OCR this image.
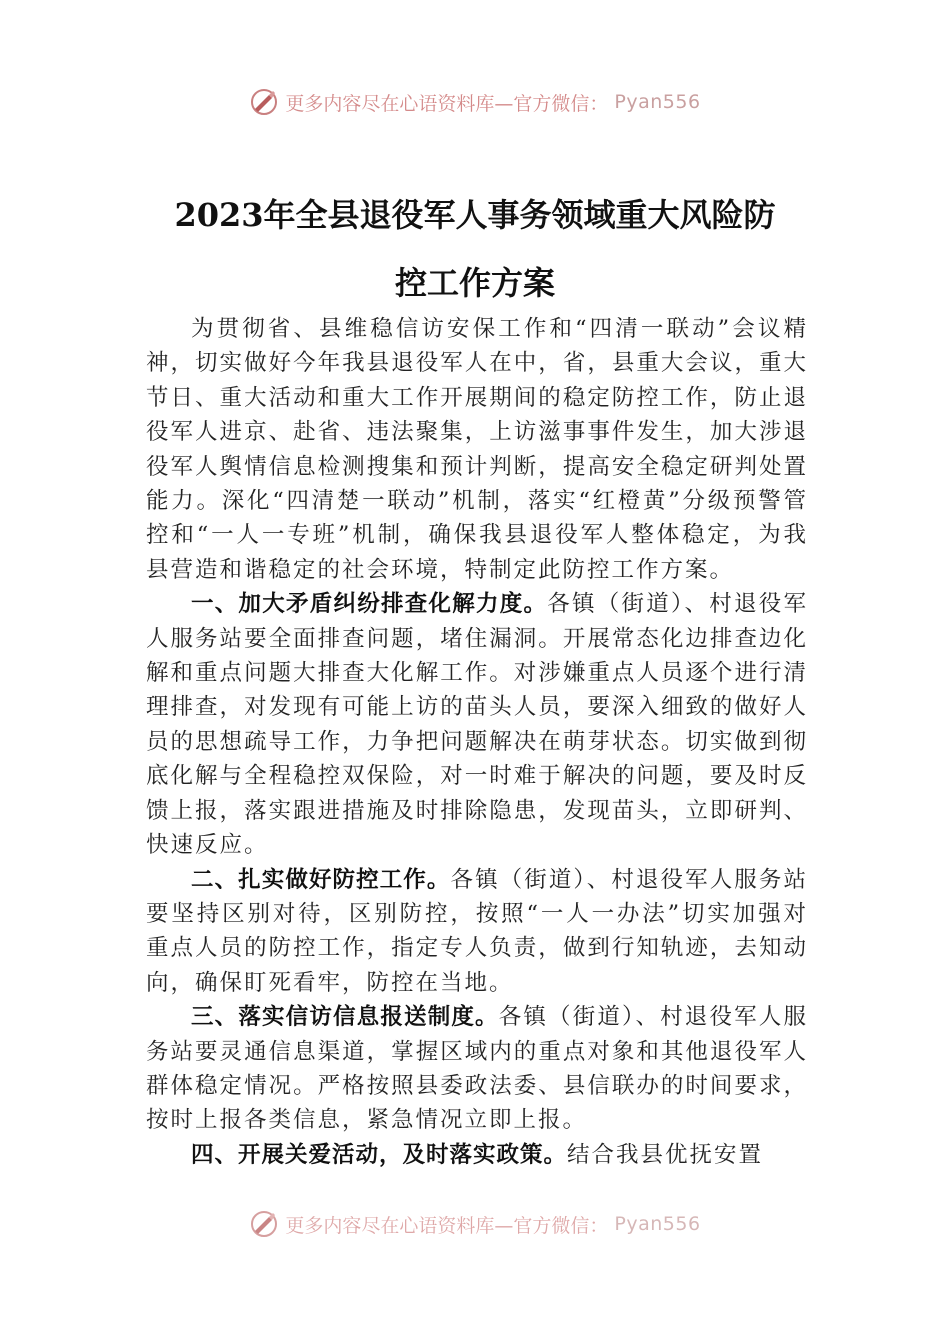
更多内容尽在心语资料库—官方微信： Pyan556
2023年全县退役军人事务领域重大风险防
控工作方案

为贯彻省、县维稳信访安保工作和“四清一联动”会议精神，切实做好今年我县退役军人在中，省，县重大会议，重大节日、重大活动和重大工作开展期间的稳定防控工作，防止退役军人进京、赴省、违法聚集，上访滋事事件发生，加大涉退役军人舆情信息检测搜集和预计判断，提高安全稳定研判处置能力。深化“四清楚一联动”机制，落实“红橙黄”分级预警管控和“一人一专班”机制，确保我县退役军人整体稳定，为我县营造和谐稳定的社会环境，特制定此防控工作方案。

一、加大矛盾纠纷排查化解力度。各镇（街道）、村退役军人服务站要全面排查问题，堵住漏洞。开展常态化边排查边化解和重点问题大排查大化解工作。对涉嫌重点人员逐个进行清理排查，对发现有可能上访的苗头人员，要深入细致的做好人员的思想疏导工作，力争把问题解决在萌芽状态。切实做到彻底化解与全程稳控双保险，对一时难于解决的问题，要及时反馈上报，落实跟进措施及时排除隐患，发现苗头，立即研判、快速反应。

二、扎实做好防控工作。各镇（街道）、村退役军人服务站要坚持区别对待，区别防控，按照“一人一办法”切实加强对重点人员的防控工作，指定专人负责，做到行知轨迹，去知动向，确保盯死看牢，防控在当地。

三、落实信访信息报送制度。各镇（街道）、村退役军人服务站要灵通信息渠道，掌握区域内的重点对象和其他退役军人群体稳定情况。严格按照县委政法委、县信联办的时间要求，按时上报各类信息，紧急情况立即上报。

四、开展关爱活动，及时落实政策。结合我县优抚安置

更多内容尽在心语资料库—官方微信： Pyan556
